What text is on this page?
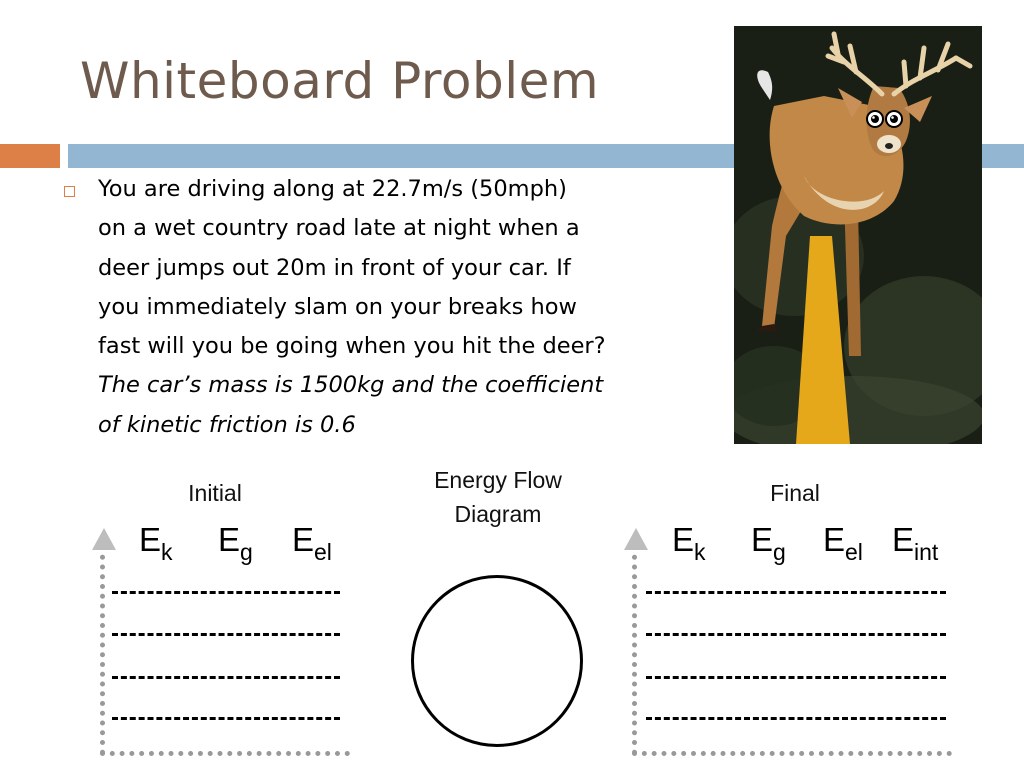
Whiteboard Problem
You are driving along at 22.7m/s (50mph)
on a wet country road late at night when a
deer jumps out 20m in front of your car. If
you immediately slam on your breaks how
fast will you be going when you hit the deer?
The car’s mass is 1500kg and the coefficient
of kinetic friction is 0.6
Initial
$E_k$ $E_g$ $E_{el}$
Energy Flow
Diagram
Final
$E_k$ $E_g$ $E_{el}$ $E_{int}$
